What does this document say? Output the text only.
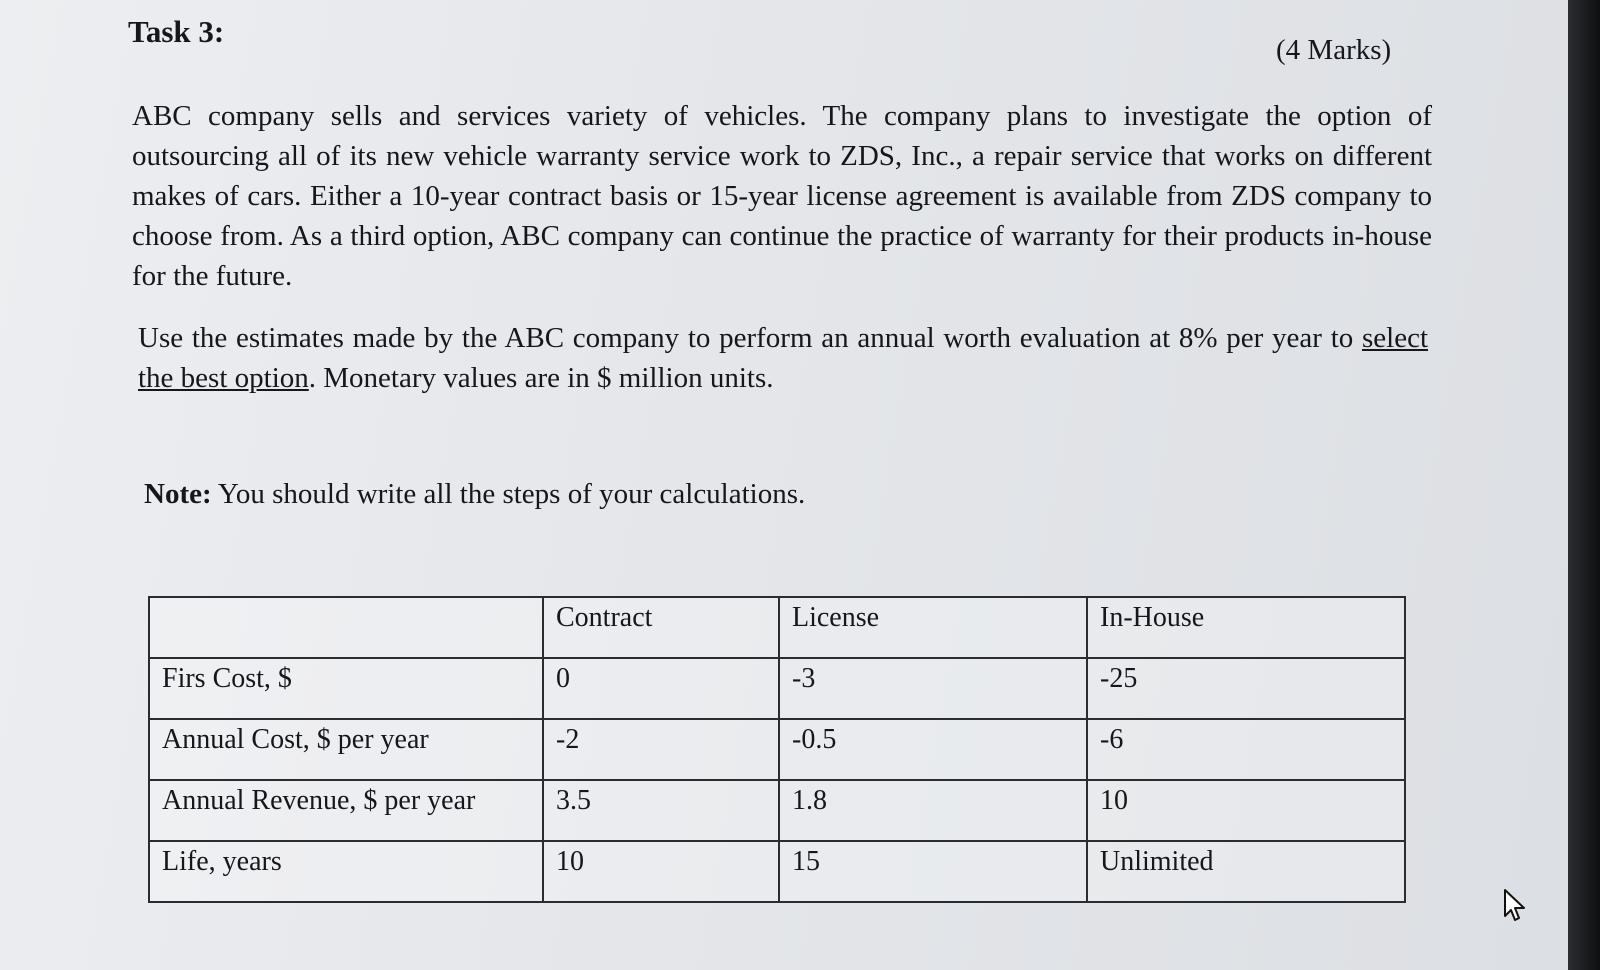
Task 3:
(4 Marks)

ABC company sells and services variety of vehicles. The company plans to investigate the option of outsourcing all of its new vehicle warranty service work to ZDS, Inc., a repair service that works on different makes of cars. Either a 10-year contract basis or 15-year license agreement is available from ZDS company to choose from. As a third option, ABC company can continue the practice of warranty for their products in-house for the future.

Use the estimates made by the ABC company to perform an annual worth evaluation at 8% per year to select the best option. Monetary values are in $ million units.

Note: You should write all the steps of your calculations.
	Contract	License	In-House
Firs Cost, $	0	-3	-25
Annual Cost, $ per year	-2	-0.5	-6
Annual Revenue, $ per year	3.5	1.8	10
Life, years	10	15	Unlimited
